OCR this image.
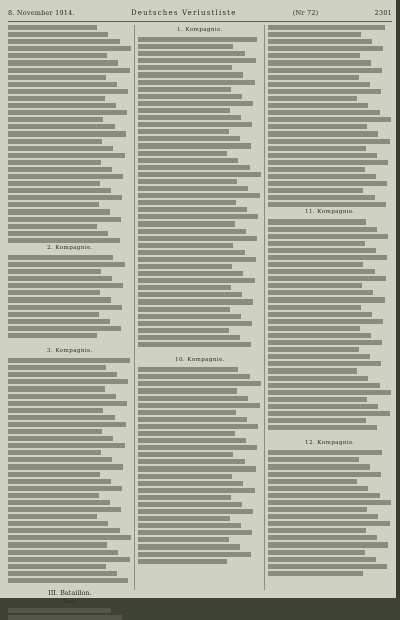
8. November 1914.	Deutsches Verlustliste	(Nr 72)	2301
2. Kompagnie.
3. Kompagnie.
III. Bataillon.
Stab.
1. Kompagnie.
10. Kompagnie.
11. Kompagnie.
12. Kompagnie.
